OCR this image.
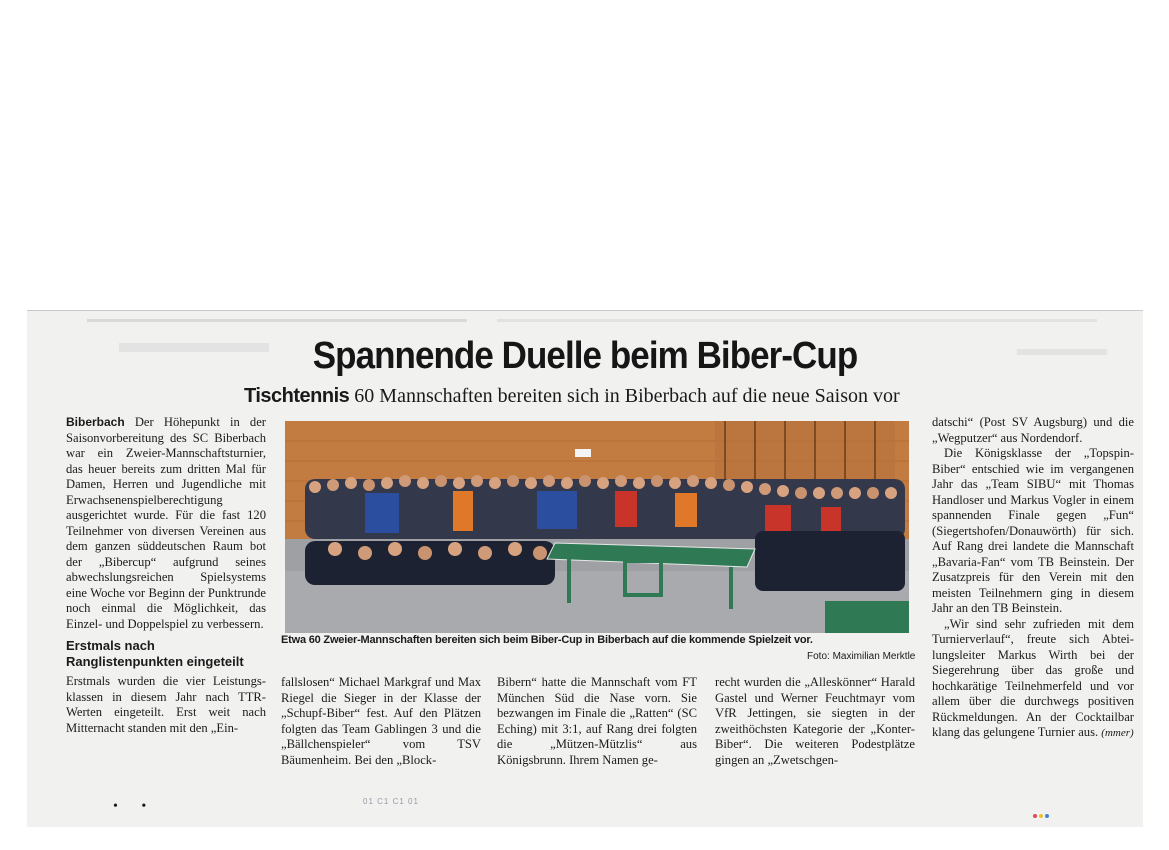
Spannende Duelle beim Biber-Cup
Tischtennis 60 Mannschaften bereiten sich in Biberbach auf die neue Saison vor

Biberbach Der Höhepunkt in der Saisonvorbereitung des SC Biberbach war ein Zweier-Mannschaftsturnier, das heuer bereits zum dritten Mal für Damen, Herren und Jugendliche mit Erwachsenenspielberechtigung ausgerichtet wurde. Für die fast 120 Teilnehmer von diversen Vereinen aus dem ganzen süddeutschen Raum bot der „Bibercup“ aufgrund seines abwechslungsreichen Spielsystems eine Woche vor Beginn der Punktrunde noch einmal die Möglichkeit, das Einzel- und Doppelspiel zu verbessern.

Erstmals nach Ranglistenpunkten eingeteilt

Erstmals wurden die vier Leistungsklassen in diesem Jahr nach TTR-Werten eingeteilt. Erst weit nach Mitternacht standen mit den „Ein-

Etwa 60 Zweier-Mannschaften bereiten sich beim Biber-Cup in Biberbach auf die kommende Spielzeit vor.
Foto: Maximilian Merktle
fallslosen“ Michael Markgraf und Max Riegel die Sieger in der Klasse der „Schupf-Biber“ fest. Auf den Plätzen folgten das Team Gablingen 3 und die „Bällchenspieler“ vom TSV Bäumenheim. Bei den „Block-
Bibern“ hatte die Mannschaft vom FT München Süd die Nase vorn. Sie bezwangen im Finale die „Ratten“ (SC Eching) mit 3:1, auf Rang drei folgten die „Mützen-Mützlis“ aus Königsbrunn. Ihrem Namen ge-
recht wurden die „Alleskönner“ Harald Gastel und Werner Feuchtmayr vom VfR Jettingen, sie siegten in der zweithöchsten Kategorie der „Konter-Biber“. Die weiteren Podestplätze gingen an „Zwetschgen-

datschi“ (Post SV Augsburg) und die „Wegputzer“ aus Nordendorf.

Die Königsklasse der „Topspin-Biber“ entschied wie im vergangenen Jahr das „Team SIBU“ mit Thomas Handloser und Markus Vogler in einem spannenden Finale gegen „Fun“ (Siegertshofen/Donauwörth) für sich. Auf Rang drei landete die Mannschaft „Bavaria-Fan“ vom TB Beinstein. Der Zusatzpreis für den Verein mit den meisten Teilnehmern ging in diesem Jahr an den TB Beinstein.

„Wir sind sehr zufrieden mit dem Turnierverlauf“, freute sich Abteilungsleiter Markus Wirth bei der Siegerehrung über das große und hochkarätige Teilnehmerfeld und vor allem über die durchwegs positiven Rückmeldungen. An der Cocktailbar klang das gelungene Turnier aus. (mmer)

• •	01 C1 C1 01
